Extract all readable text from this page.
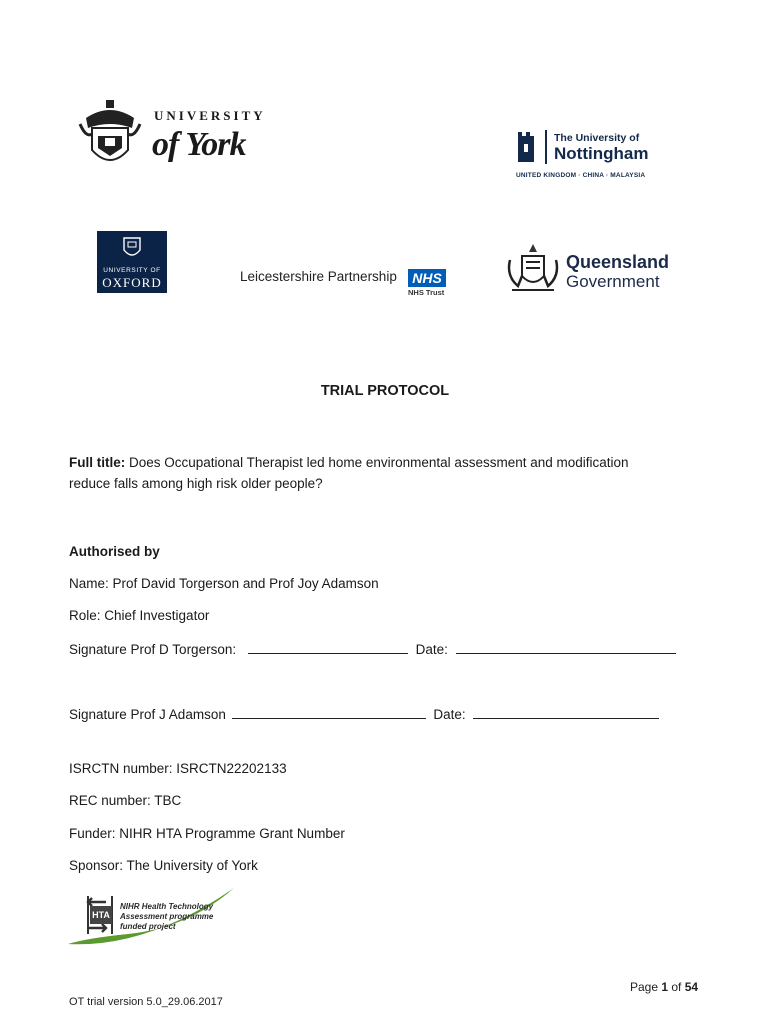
UNIVERSITY
of York	The University of
Nottingham
UNITED KINGDOM · CHINA · MALAYSIA
UNIVERSITY OF
OXFORD	Leicestershire Partnership	NHS
NHS Trust
Queensland
Government
TRIAL PROTOCOL
Full title: Does Occupational Therapist led home environmental assessment and modification
reduce falls among high risk older people?
Authorised by
Name: Prof David Torgerson and Prof Joy Adamson
Role: Chief Investigator
Signature Prof D Torgerson:	Date:
Signature Prof J Adamson	Date:
ISRCTN number: ISRCTN22202133
REC number: TBC
Funder: NIHR HTA Programme Grant Number
Sponsor: The University of York
HTA
NIHR Health Technology
Assessment programme
funded project
Page 1 of 54
OT trial version 5.0_29.06.2017
